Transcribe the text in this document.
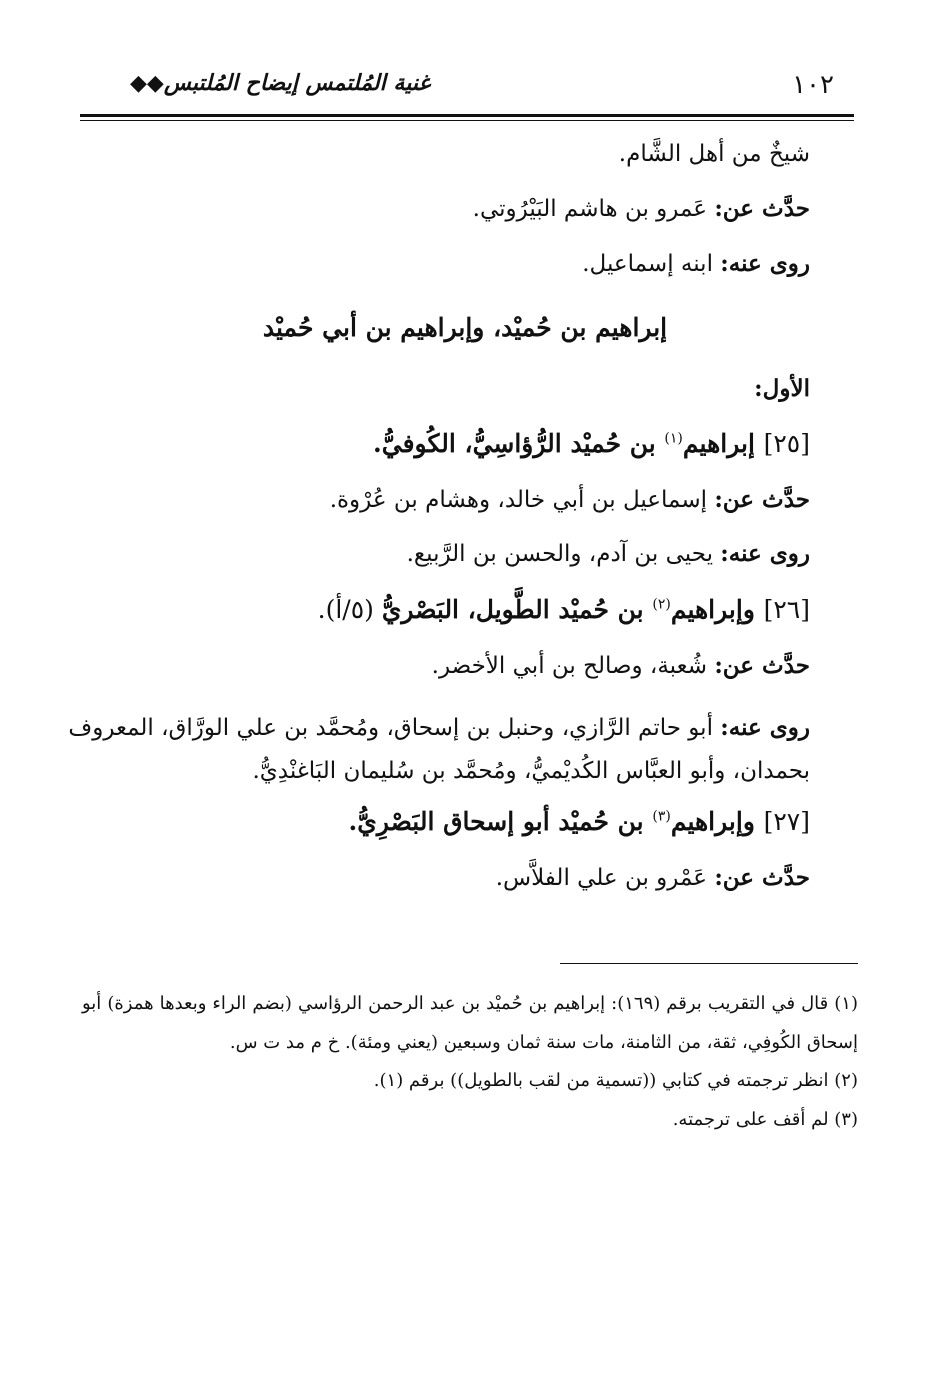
١٠٢
غنية المُلتمس إيضاح المُلتبس◆◆

شيخٌ من أهل الشَّام.

حدَّث عن: عَمرو بن هاشم البَيْرُوتي.

روى عنه: ابنه إسماعيل.

إبراهيم بن حُميْد، وإبراهيم بن أبي حُميْد

الأول:

[٢٥] إبراهيم$^{(١)}$ بن حُميْد الرُّؤاسِيُّ، الكُوفيُّ.

حدَّث عن: إسماعيل بن أبي خالد، وهشام بن عُرْوة.

روى عنه: يحيى بن آدم، والحسن بن الرَّبيع.

[٢٦] وإبراهيم$^{(٢)}$ بن حُميْد الطَّويل، البَصْريُّ (٥/أ).

حدَّث عن: شُعبة، وصالح بن أبي الأخضر.

روى عنه: أبو حاتم الرَّازي، وحنبل بن إسحاق، ومُحمَّد بن علي الورَّاق، المعروف بحمدان، وأبو العبَّاس الكُديْميُّ، ومُحمَّد بن سُليمان البَاغنْدِيُّ.

[٢٧] وإبراهيم$^{(٣)}$ بن حُميْد أبو إسحاق البَصْرِيُّ.

حدَّث عن: عَمْرو بن علي الفلاَّس.

(١) قال في التقريب برقم (١٦٩): إبراهيم بن حُميْد بن عبد الرحمن الرؤاسي (بضم الراء وبعدها همزة) أبو إسحاق الكُوفِي، ثقة، من الثامنة، مات سنة ثمان وسبعين (يعني ومئة). خ م مد ت س.

(٢) انظر ترجمته في كتابي ((تسمية من لقب بالطويل)) برقم (١).

(٣) لم أقف على ترجمته.
